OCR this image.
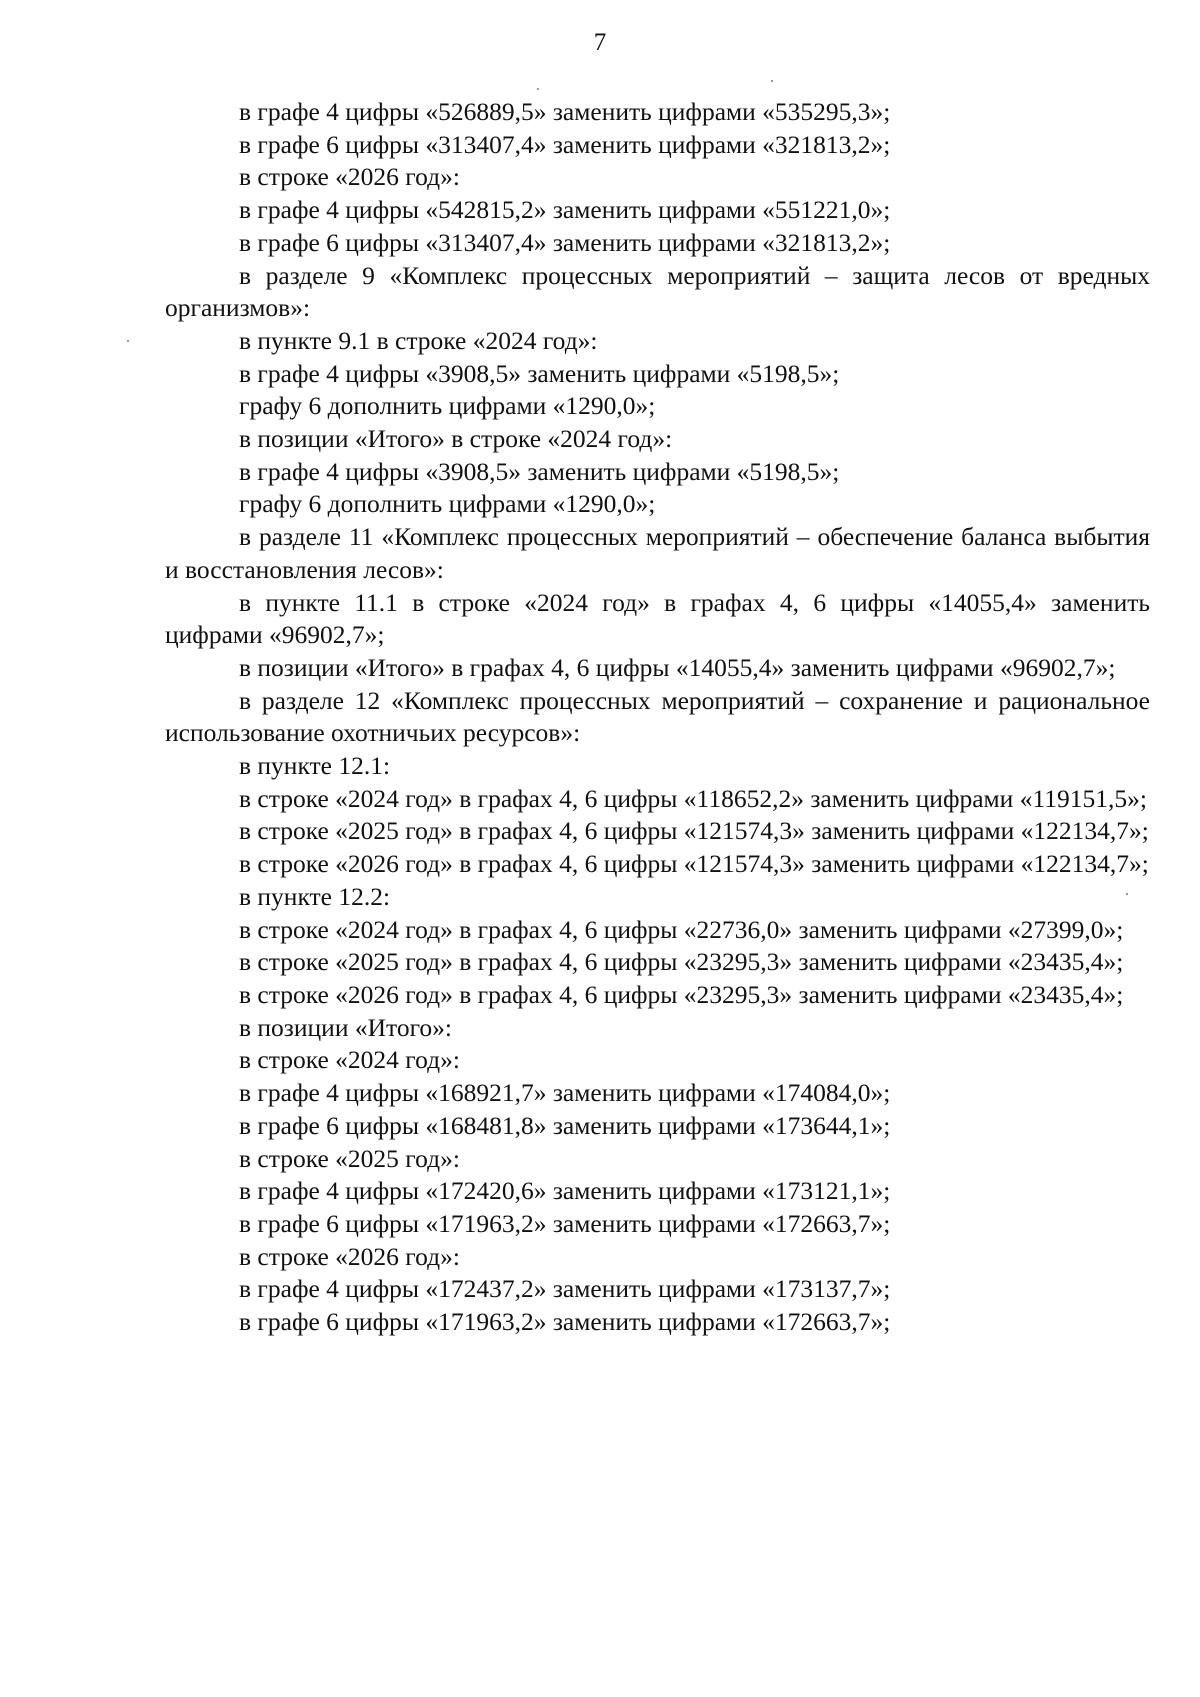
7

в графе 4 цифры «526889,5» заменить цифрами «535295,3»;

в графе 6 цифры «313407,4» заменить цифрами «321813,2»;

в строке «2026 год»:

в графе 4 цифры «542815,2» заменить цифрами «551221,0»;

в графе 6 цифры «313407,4» заменить цифрами «321813,2»;

в разделе 9 «Комплекс процессных мероприятий – защита лесов от вредных организмов»:

в пункте 9.1 в строке «2024 год»:

в графе 4 цифры «3908,5» заменить цифрами «5198,5»;

графу 6 дополнить цифрами «1290,0»;

в позиции «Итого» в строке «2024 год»:

в графе 4 цифры «3908,5» заменить цифрами «5198,5»;

графу 6 дополнить цифрами «1290,0»;

в разделе 11 «Комплекс процессных мероприятий – обеспечение баланса выбытия и восстановления лесов»:

в пункте 11.1 в строке «2024 год» в графах 4, 6 цифры «14055,4» заменить цифрами «96902,7»;

в позиции «Итого» в графах 4, 6 цифры «14055,4» заменить цифрами «96902,7»;

в разделе 12 «Комплекс процессных мероприятий – сохранение и рациональное использование охотничьих ресурсов»:

в пункте 12.1:

в строке «2024 год» в графах 4, 6 цифры «118652,2» заменить цифрами «119151,5»;

в строке «2025 год» в графах 4, 6 цифры «121574,3» заменить цифрами «122134,7»;

в строке «2026 год» в графах 4, 6 цифры «121574,3» заменить цифрами «122134,7»;

в пункте 12.2:

в строке «2024 год» в графах 4, 6 цифры «22736,0» заменить цифрами «27399,0»;

в строке «2025 год» в графах 4, 6 цифры «23295,3» заменить цифрами «23435,4»;

в строке «2026 год» в графах 4, 6 цифры «23295,3» заменить цифрами «23435,4»;

в позиции «Итого»:

в строке «2024 год»:

в графе 4 цифры «168921,7» заменить цифрами «174084,0»;

в графе 6 цифры «168481,8» заменить цифрами «173644,1»;

в строке «2025 год»:

в графе 4 цифры «172420,6» заменить цифрами «173121,1»;

в графе 6 цифры «171963,2» заменить цифрами «172663,7»;

в строке «2026 год»:

в графе 4 цифры «172437,2» заменить цифрами «173137,7»;

в графе 6 цифры «171963,2» заменить цифрами «172663,7»;
